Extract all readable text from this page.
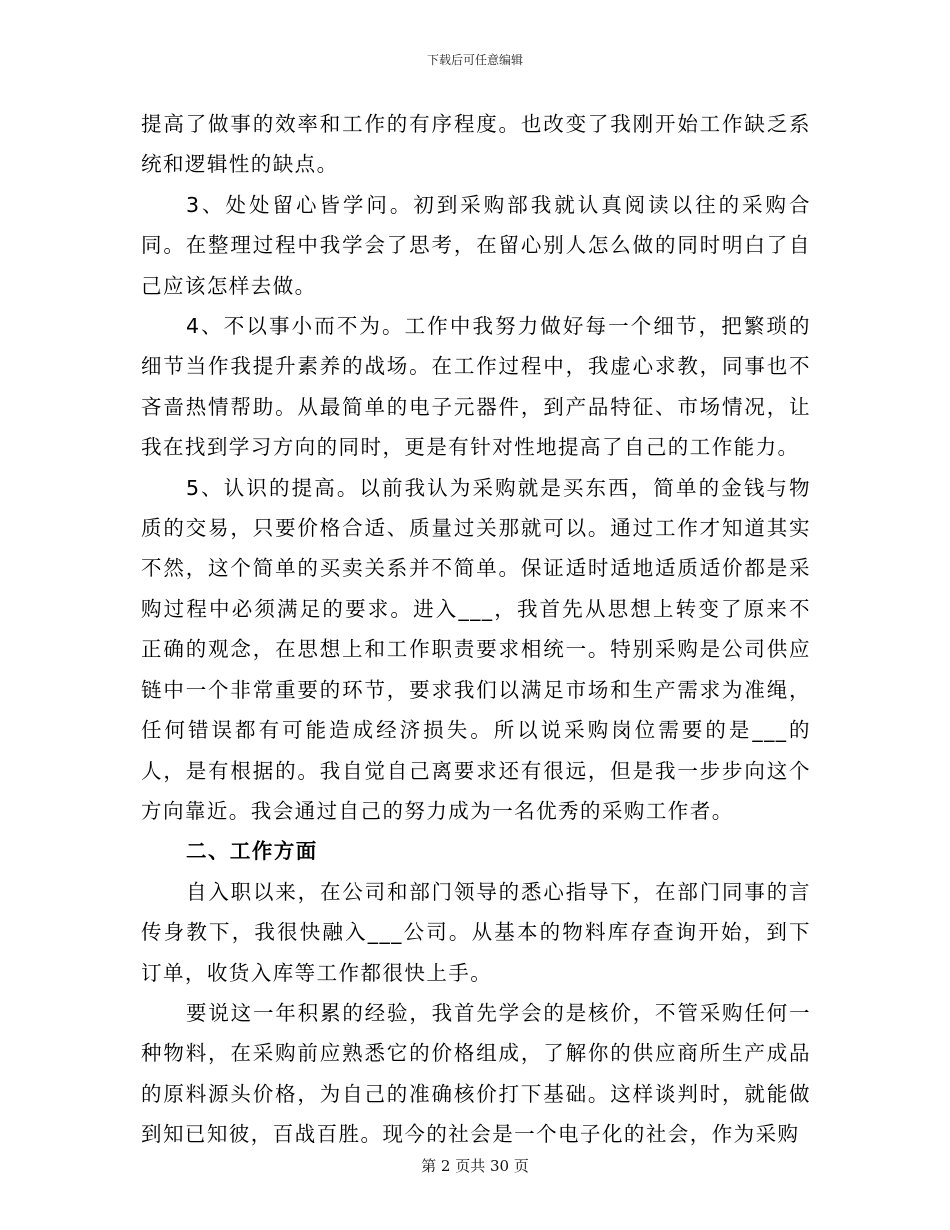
下载后可任意编辑

提高了做事的效率和工作的有序程度。也改变了我刚开始工作缺乏系统和逻辑性的缺点。

3、处处留心皆学问。初到采购部我就认真阅读以往的采购合同。在整理过程中我学会了思考，在留心别人怎么做的同时明白了自己应该怎样去做。

4、不以事小而不为。工作中我努力做好每一个细节，把繁琐的细节当作我提升素养的战场。在工作过程中，我虚心求教，同事也不吝啬热情帮助。从最简单的电子元器件，到产品特征、市场情况，让我在找到学习方向的同时，更是有针对性地提高了自己的工作能力。

5、认识的提高。以前我认为采购就是买东西，简单的金钱与物质的交易，只要价格合适、质量过关那就可以。通过工作才知道其实不然，这个简单的买卖关系并不简单。保证适时适地适质适价都是采购过程中必须满足的要求。进入___，我首先从思想上转变了原来不正确的观念，在思想上和工作职责要求相统一。特别采购是公司供应链中一个非常重要的环节，要求我们以满足市场和生产需求为准绳，任何错误都有可能造成经济损失。所以说采购岗位需要的是___的人，是有根据的。我自觉自己离要求还有很远，但是我一步步向这个方向靠近。我会通过自己的努力成为一名优秀的采购工作者。

二、工作方面

自入职以来，在公司和部门领导的悉心指导下，在部门同事的言传身教下，我很快融入___公司。从基本的物料库存查询开始，到下订单，收货入库等工作都很快上手。

要说这一年积累的经验，我首先学会的是核价，不管采购任何一种物料，在采购前应熟悉它的价格组成，了解你的供应商所生产成品的原料源头价格，为自己的准确核价打下基础。这样谈判时，就能做到知已知彼，百战百胜。现今的社会是一个电子化的社会，作为采购

第 2 页共 30 页
